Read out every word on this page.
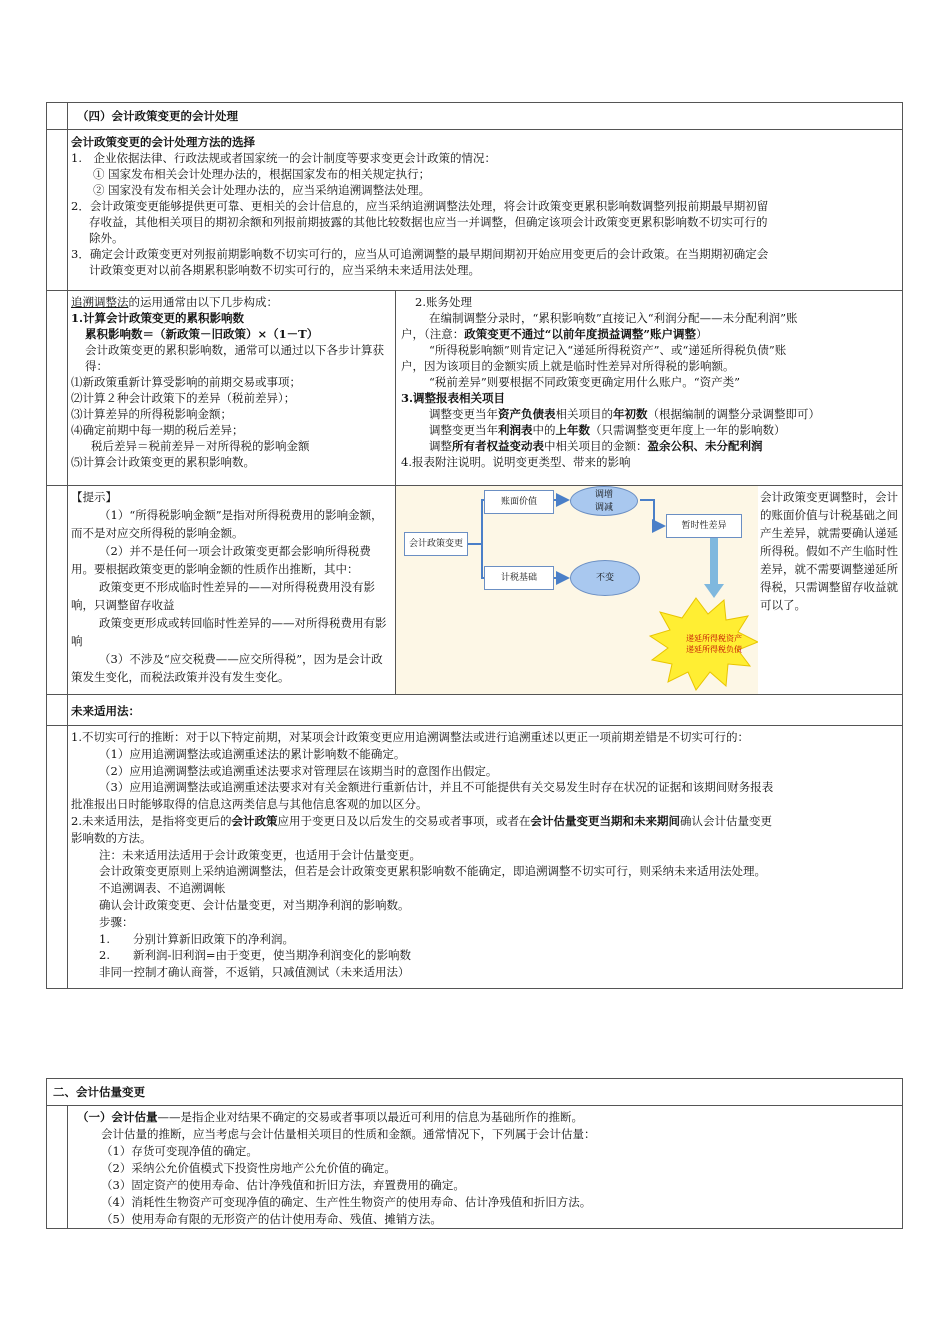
（四）会计政策变更的会计处理

会计政策变更的会计处理方法的选择

1.　企业依据法律、行政法规或者国家统一的会计制度等要求变更会计政策的情况：

① 国家发布相关会计处理办法的，根据国家发布的相关规定执行；

② 国家没有发布相关会计处理办法的，应当采纳追溯调整法处理。

2．会计政策变更能够提供更可靠、更相关的会计信息的，应当采纳追溯调整法处理，将会计政策变更累积影响数调整列报前期最早期初留

存收益，其他相关项目的期初余额和列报前期披露的其他比较数据也应当一并调整，但确定该项会计政策变更累积影响数不切实可行的

除外。

3．确定会计政策变更对列报前期影响数不切实可行的，应当从可追溯调整的最早期间期初开始应用变更后的会计政策。在当期期初确定会

计政策变更对以前各期累积影响数不切实可行的，应当采纳未来适用法处理。

追溯调整法的运用通常由以下几步构成：

1.计算会计政策变更的累积影响数

累积影响数＝（新政策－旧政策）×（1－T）

会计政策变更的累积影响数，通常可以通过以下各步计算获得：

⑴新政策重新计算受影响的前期交易或事项；

⑵计算２种会计政策下的差异（税前差异）；

⑶计算差异的所得税影响金额；

⑷确定前期中每一期的税后差异；

税后差异＝税前差异－对所得税的影响金额

⑸计算会计政策变更的累积影响数。

2.账务处理

在编制调整分录时，“累积影响数”直接记入“利润分配——未分配利润”账

户，（注意：政策变更不通过“以前年度损益调整”账户调整）

“所得税影响额”则肯定记入“递延所得税资产”、或“递延所得税负债”账

户，因为该项目的金额实质上就是临时性差异对所得税的影响额。

“税前差异”则要根据不同政策变更确定用什么账户。“资产类”

3.调整报表相关项目

调整变更当年资产负债表相关项目的年初数（根据编制的调整分录调整即可）

调整变更当年利润表中的上年数（只需调整变更年度上一年的影响数）

调整所有者权益变动表中相关项目的金额：盈余公积、未分配利润

4.报表附注说明。说明变更类型、带来的影响

【提示】

（1）“所得税影响金额”是指对所得税费用的影响金额，而不是对应交所得税的影响金额。

（2）并不是任何一项会计政策变更都会影响所得税费用。要根据政策变更的影响金额的性质作出推断，其中：

政策变更不形成临时性差异的——对所得税费用没有影响，只调整留存收益

政策变更形成或转回临时性差异的——对所得税费用有影响

（3）不涉及“应交税费——应交所得税”，因为是会计政策发生变化，而税法政策并没有发生变化。

会计政策变更
账面价值
计税基础
调增
调减
不变
暂时性差异
递延所得税资产
递延所得税负债

会计政策变更调整时，会计的账面价值与计税基础之间产生差异，就需要确认递延所得税。假如不产生临时性差异，就不需要调整递延所得税，只需调整留存收益就可以了。

未来适用法：

1.不切实可行的推断：对于以下特定前期，对某项会计政策变更应用追溯调整法或进行追溯重述以更正一项前期差错是不切实可行的：

（1）应用追溯调整法或追溯重述法的累计影响数不能确定。

（2）应用追溯调整法或追溯重述法要求对管理层在该期当时的意图作出假定。

（3）应用追溯调整法或追溯重述法要求对有关金额进行重新估计，并且不可能提供有关交易发生时存在状况的证据和该期间财务报表

批准报出日时能够取得的信息这两类信息与其他信息客观的加以区分。

2.未来适用法，是指将变更后的会计政策应用于变更日及以后发生的交易或者事项，或者在会计估量变更当期和未来期间确认会计估量变更

影响数的方法。

注：未来适用法适用于会计政策变更，也适用于会计估量变更。

会计政策变更原则上采纳追溯调整法，但若是会计政策变更累积影响数不能确定，即追溯调整不切实可行，则采纳未来适用法处理。

不追溯调表、不追溯调帐

确认会计政策变更、会计估量变更，对当期净利润的影响数。

步骤：

1.　　分别计算新旧政策下的净利润。

2.　　新利润-旧利润=由于变更，使当期净利润变化的影响数

非同一控制才确认商誉，不返销，只减值测试（未来适用法）

二、会计估量变更

（一）会计估量——是指企业对结果不确定的交易或者事项以最近可利用的信息为基础所作的推断。

会计估量的推断，应当考虑与会计估量相关项目的性质和金额。通常情况下，下列属于会计估量：

（1）存货可变现净值的确定。

（2）采纳公允价值模式下投资性房地产公允价值的确定。

（3）固定资产的使用寿命、估计净残值和折旧方法，弃置费用的确定。

（4）消耗性生物资产可变现净值的确定、生产性生物资产的使用寿命、估计净残值和折旧方法。

（5）使用寿命有限的无形资产的估计使用寿命、残值、摊销方法。
